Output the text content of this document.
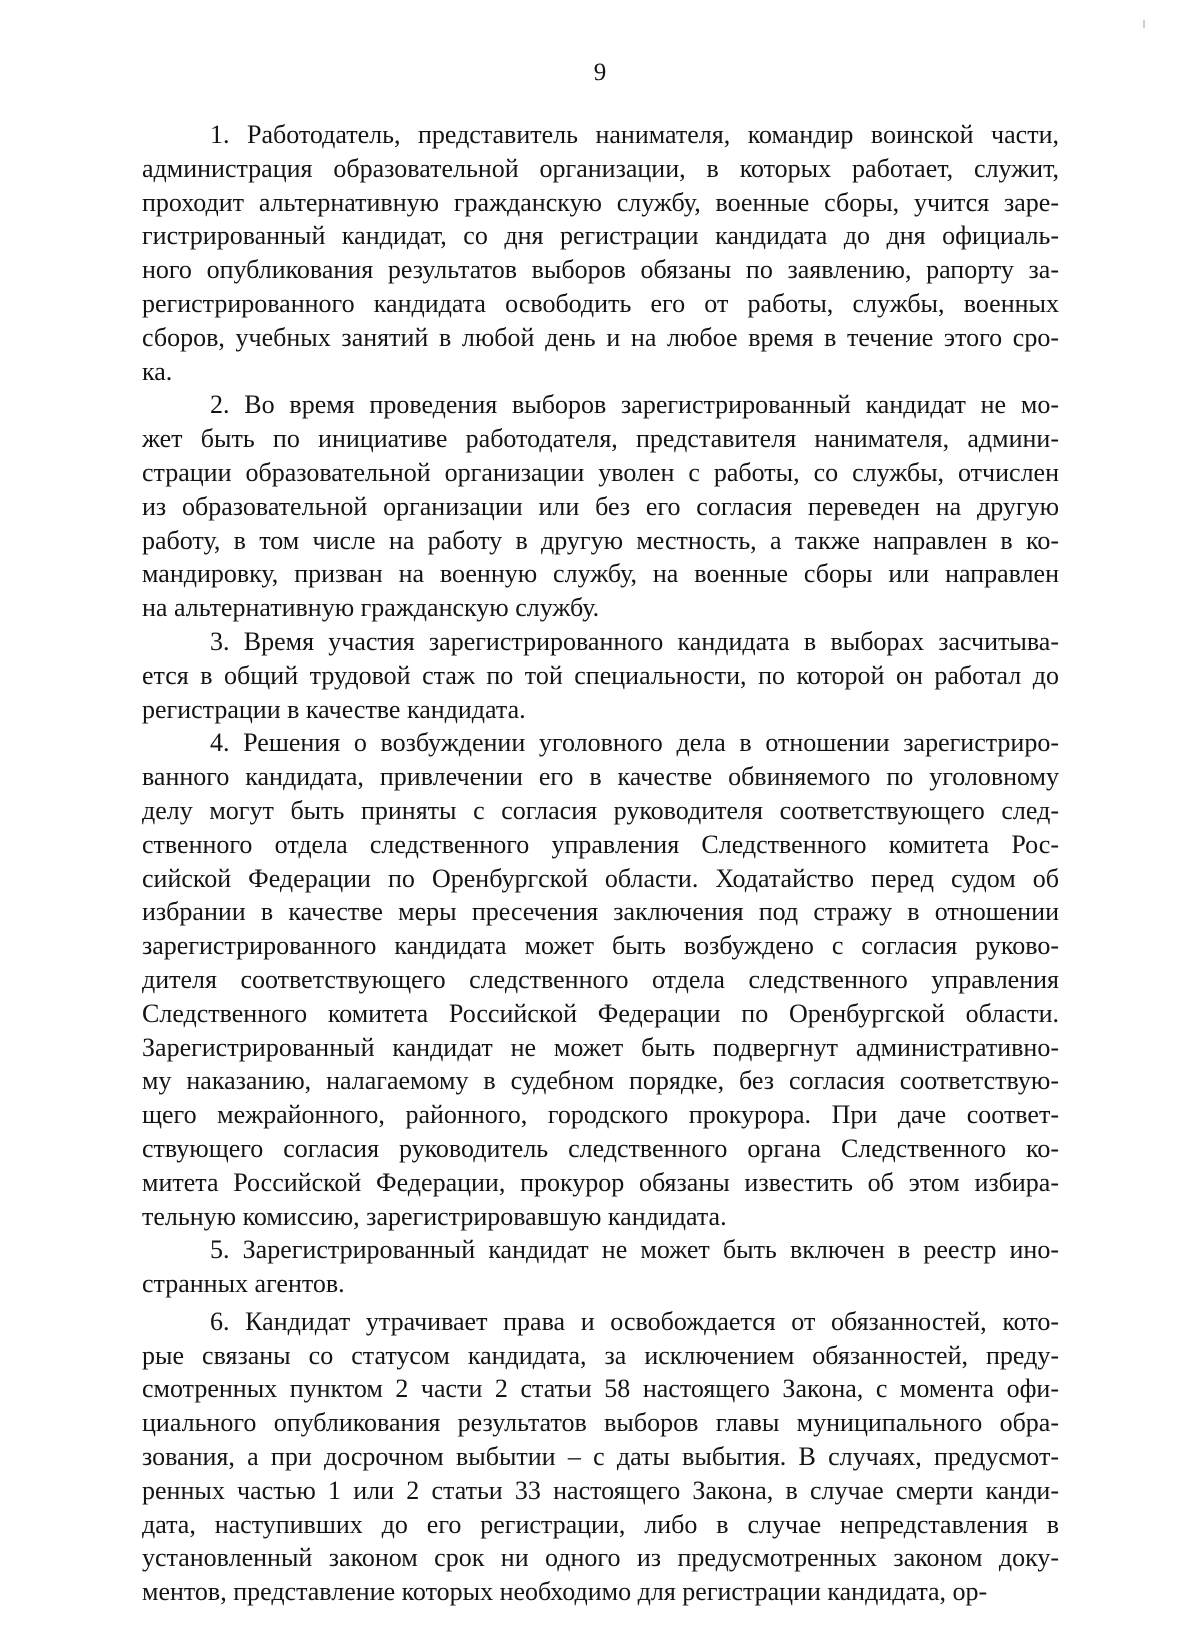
9
1. Работодатель, представитель нанимателя, командир воинской части,
администрация образовательной организации, в которых работает, служит,
проходит альтернативную гражданскую службу, военные сборы, учится заре-
гистрированный кандидат, со дня регистрации кандидата до дня официаль-
ного опубликования результатов выборов обязаны по заявлению, рапорту за-
регистрированного кандидата освободить его от работы, службы, военных
сборов, учебных занятий в любой день и на любое время в течение этого сро-
ка.
2. Во время проведения выборов зарегистрированный кандидат не мо-
жет быть по инициативе работодателя, представителя нанимателя, админи-
страции образовательной организации уволен с работы, со службы, отчислен
из образовательной организации или без его согласия переведен на другую
работу, в том числе на работу в другую местность, а также направлен в ко-
мандировку, призван на военную службу, на военные сборы или направлен
на альтернативную гражданскую службу.
3. Время участия зарегистрированного кандидата в выборах засчитыва-
ется в общий трудовой стаж по той специальности, по которой он работал до
регистрации в качестве кандидата.
4. Решения о возбуждении уголовного дела в отношении зарегистриро-
ванного кандидата, привлечении его в качестве обвиняемого по уголовному
делу могут быть приняты с согласия руководителя соответствующего след-
ственного отдела следственного управления Следственного комитета Рос-
сийской Федерации по Оренбургской области. Ходатайство перед судом об
избрании в качестве меры пресечения заключения под стражу в отношении
зарегистрированного кандидата может быть возбуждено с согласия руково-
дителя соответствующего следственного отдела следственного управления
Следственного комитета Российской Федерации по Оренбургской области.
Зарегистрированный кандидат не может быть подвергнут административно-
му наказанию, налагаемому в судебном порядке, без согласия соответствую-
щего межрайонного, районного, городского прокурора. При даче соответ-
ствующего согласия руководитель следственного органа Следственного ко-
митета Российской Федерации, прокурор обязаны известить об этом избира-
тельную комиссию, зарегистрировавшую кандидата.
5. Зарегистрированный кандидат не может быть включен в реестр ино-
странных агентов.
6. Кандидат утрачивает права и освобождается от обязанностей, кото-
рые связаны со статусом кандидата, за исключением обязанностей, преду-
смотренных пунктом 2 части 2 статьи 58 настоящего Закона, с момента офи-
циального опубликования результатов выборов главы муниципального обра-
зования, а при досрочном выбытии – с даты выбытия. В случаях, предусмот-
ренных частью 1 или 2 статьи 33 настоящего Закона, в случае смерти канди-
дата, наступивших до его регистрации, либо в случае непредставления в
установленный законом срок ни одного из предусмотренных законом доку-
ментов, представление которых необходимо для регистрации кандидата, ор-
